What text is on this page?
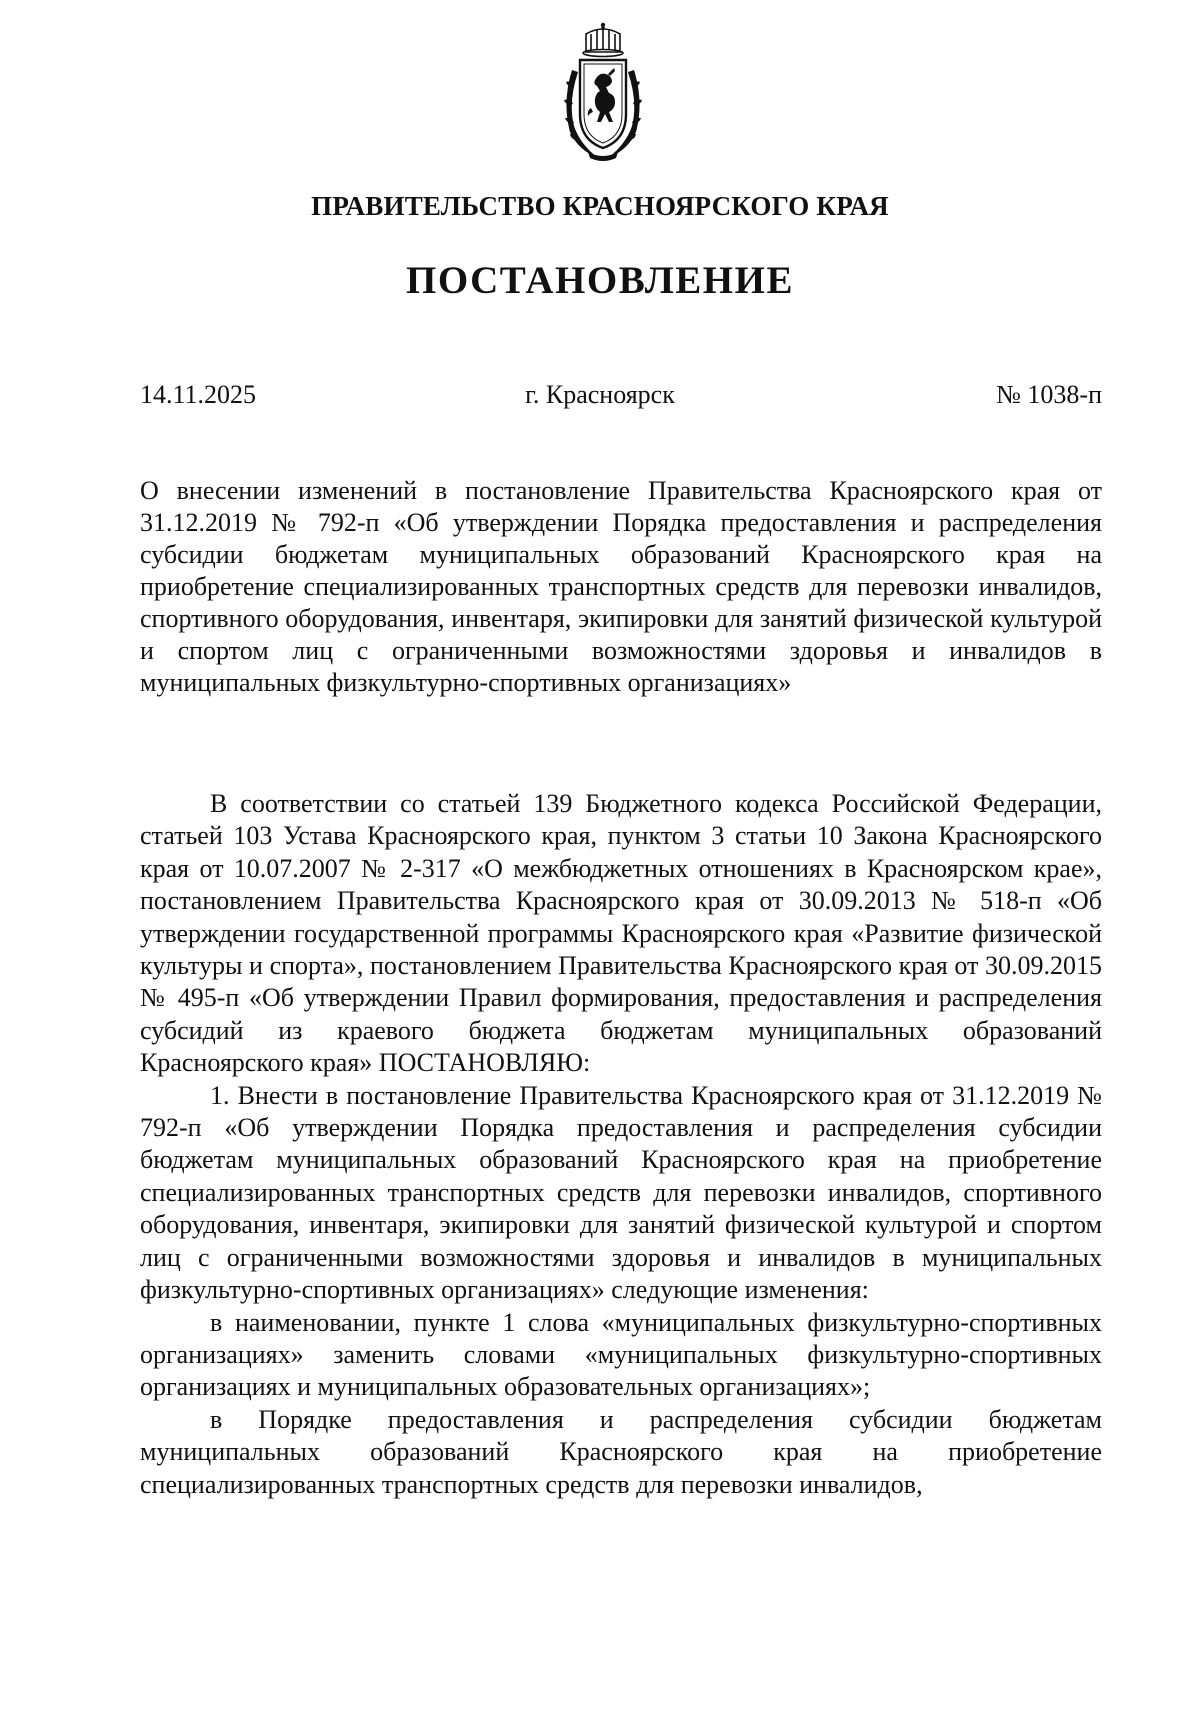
ПРАВИТЕЛЬСТВО КРАСНОЯРСКОГО КРАЯ
ПОСТАНОВЛЕНИЕ
14.11.2025	г. Красноярск	№ 1038-п
О внесении изменений в постановление Правительства Красноярского края от 31.12.2019 № 792-п «Об утверждении Порядка предоставления и распределения субсидии бюджетам муниципальных образований Красноярского края на приобретение специализированных транспортных средств для перевозки инвалидов, спортивного оборудования, инвентаря, экипировки для занятий физической культурой и спортом лиц с ограниченными возможностями здоровья и инвалидов в муниципальных физкультурно-спортивных организациях»

В соответствии со статьей 139 Бюджетного кодекса Российской Федерации, статьей 103 Устава Красноярского края, пунктом 3 статьи 10 Закона Красноярского края от 10.07.2007 № 2-317 «О межбюджетных отношениях в Красноярском крае», постановлением Правительства Красноярского края от 30.09.2013 № 518-п «Об утверждении государственной программы Красноярского края «Развитие физической культуры и спорта», постановлением Правительства Красноярского края от 30.09.2015 № 495-п «Об утверждении Правил формирования, предоставления и распределения субсидий из краевого бюджета бюджетам муниципальных образований Красноярского края» ПОСТАНОВЛЯЮ:

1. Внести в постановление Правительства Красноярского края от 31.12.2019 № 792-п «Об утверждении Порядка предоставления и распределения субсидии бюджетам муниципальных образований Красноярского края на приобретение специализированных транспортных средств для перевозки инвалидов, спортивного оборудования, инвентаря, экипировки для занятий физической культурой и спортом лиц с ограниченными возможностями здоровья и инвалидов в муниципальных физкультурно-спортивных организациях» следующие изменения:

в наименовании, пункте 1 слова «муниципальных физкультурно-спортивных организациях» заменить словами «муниципальных физкультурно-спортивных организациях и муниципальных образовательных организациях»;

в Порядке предоставления и распределения субсидии бюджетам муниципальных образований Красноярского края на приобретение специализированных транспортных средств для перевозки инвалидов,
